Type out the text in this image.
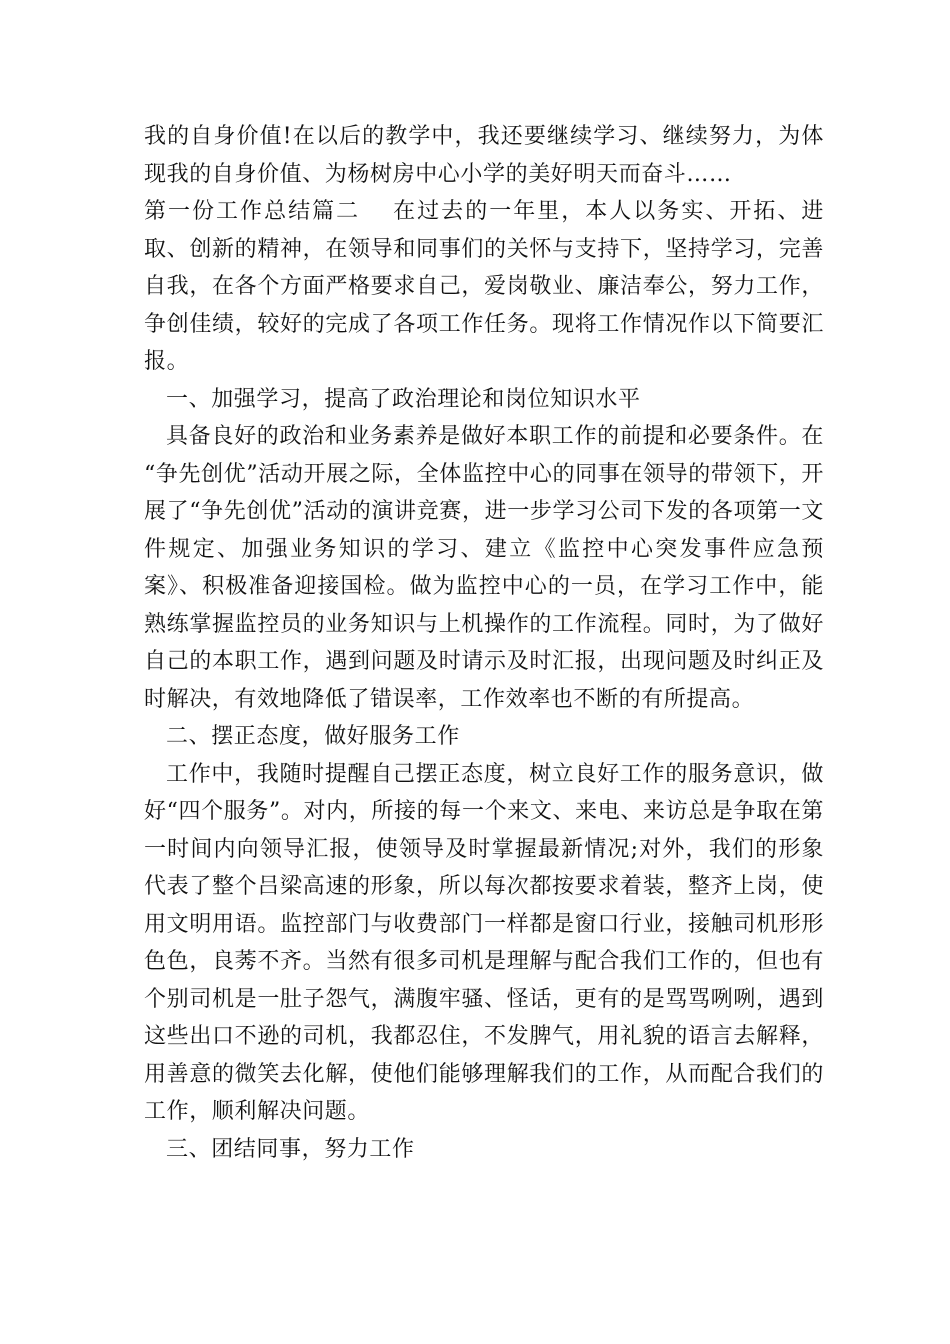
我的自身价值!在以后的教学中，我还要继续学习、继续努力，为体现我的自身价值、为杨树房中心小学的美好明天而奋斗……

第一份工作总结篇二　 在过去的一年里，本人以务实、开拓、进取、创新的精神，在领导和同事们的关怀与支持下，坚持学习，完善自我，在各个方面严格要求自己，爱岗敬业、廉洁奉公，努力工作，争创佳绩，较好的完成了各项工作任务。现将工作情况作以下简要汇报。

一、加强学习，提高了政治理论和岗位知识水平

具备良好的政治和业务素养是做好本职工作的前提和必要条件。在 “争先创优”活动开展之际，全体监控中心的同事在领导的带领下，开展了“争先创优”活动的演讲竞赛，进一步学习公司下发的各项第一文件规定、加强业务知识的学习、建立《监控中心突发事件应急预案》、积极准备迎接国检。做为监控中心的一员，在学习工作中，能熟练掌握监控员的业务知识与上机操作的工作流程。同时，为了做好自己的本职工作，遇到问题及时请示及时汇报，出现问题及时纠正及时解决，有效地降低了错误率，工作效率也不断的有所提高。

二、摆正态度，做好服务工作

工作中，我随时提醒自己摆正态度，树立良好工作的服务意识，做好“四个服务”。对内，所接的每一个来文、来电、来访总是争取在第一时间内向领导汇报，使领导及时掌握最新情况;对外，我们的形象代表了整个吕梁高速的形象，所以每次都按要求着装，整齐上岗，使用文明用语。监控部门与收费部门一样都是窗口行业，接触司机形形色色，良莠不齐。当然有很多司机是理解与配合我们工作的，但也有个别司机是一肚子怨气，满腹牢骚、怪话，更有的是骂骂咧咧，遇到这些出口不逊的司机，我都忍住，不发脾气，用礼貌的语言去解释，用善意的微笑去化解，使他们能够理解我们的工作，从而配合我们的工作，顺利解决问题。

三、团结同事，努力工作
